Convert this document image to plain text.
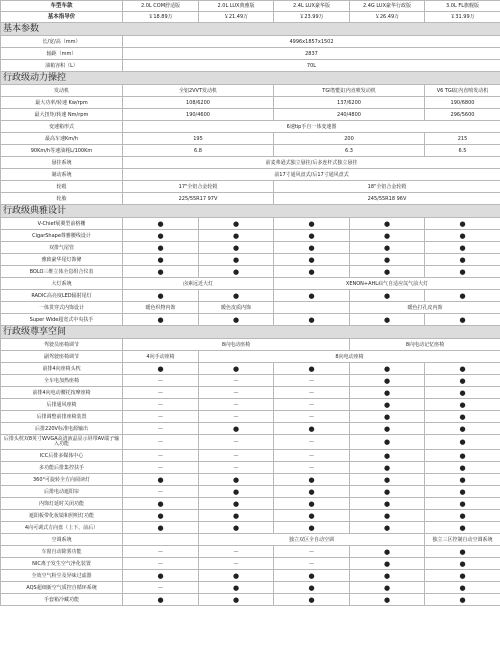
车型车款	2.0L COM舒适版	2.0L LUX典雅版	2.4L LUX豪华版	2.4G LUX豪华行政版	3.0L FL旗舰版
基本指导价	￥18.89万	￥21.49万	￥23.99万	￥26.49万	￥31.99万
基本参数					
长/宽/高（mm）	4996x1857x1502				
轴距（mm）	2837				
油箱容积（L）	70L				
行政级动力操控					
发动机	全铝2VVT发动机		TGI智能缸内直喷发动机		V6 TGI缸内直喷发动机
最大功率/转速 Kw/rpm	108/6200		137/6200		190/6800
最大扭矩/转速 Nm/rpm	190/4600		240/4800		296/5600
变速箱形式	6速tip手自一体变速器				
最高车速Km/h	195		200		215
90Km/h等速油耗L/100Km	6.8		6.3		6.5
悬挂系统	前麦弗逊式独立悬挂/后多连杆式独立悬挂				
制动系统	前17寸通风盘式/后17寸通风盘式				
轮毂	17"全铝合金轮毂		18"全铝合金轮毂		
轮胎	225/55R17 97V		245/55R18 96V		
行政级典雅设计					
V-Chief展翼型前格栅	●	●	●	●	●
CigarShape尊雅腰线设计	●	●	●	●	●
双排气尾管	●	●	●	●	●
雅致豪华尾灯饰條	●	●	●	●	●
BOLO三维立体全息组合仪表	●	●	●	●	●
大灯系统	卤素远近大灯		XENON+AHL疝气自适应氙气前大灯		
RADIC高亮度LED辐射尾灯	●	●	●	●	●
一体贯穿式内饰设计	暖色织物内饰	暖色皮质内饰		暖色打孔皮内饰	
Super Wide超宽式中央扶手	●	●	●	●	●
行政级尊享空间					
驾驶员座椅调节	8向电动座椅			8向电动记忆座椅	
副驾驶座椅调节	4向手动座椅	8向电动座椅			
前排4向座椅头枕	●	●	●	●	●
全车电加热座椅	—	—	—	●	●
前排4向电动腰托按摩座椅	—	—	—	●	●
后排通风座椅	—	—	—	●	●
后排调整前排座椅装置	—	—	—	●	●
后排220V标准电源输出	—	●	●	●	●
后排头枕双8英寸WVGA高清液晶显示屏带AV端子输入功能	—	—	—	●	●
ICC后排多媒体中心	—	—	—	●	●
多功能后排集控扶手	—	—	—	●	●
360°可旋转全方向阅读灯	●	●	●	●	●
后排电动遮阳帘	—	●	●	●	●
内饰灯延时关闭功能	●	●	●	●	●
遮阳板带化妆镜和照明灯功能	●	●	●	●	●
4向可调式方向盘（上下、前后）	●	●	●	●	●
空调系统		独立双区全自动空调			独立三区控制自动空调系统
车窗自动除雾功能	—	—	—	●	●
NIC离子发生空气净化装置	—	—	—	●	●
全效空气粉尘及异味过滤器	●	●	●	●	●
AQS超细新空气质控自循环系统	—	●	●	●	●
手套箱冷藏功能	●	●	●	●	●
